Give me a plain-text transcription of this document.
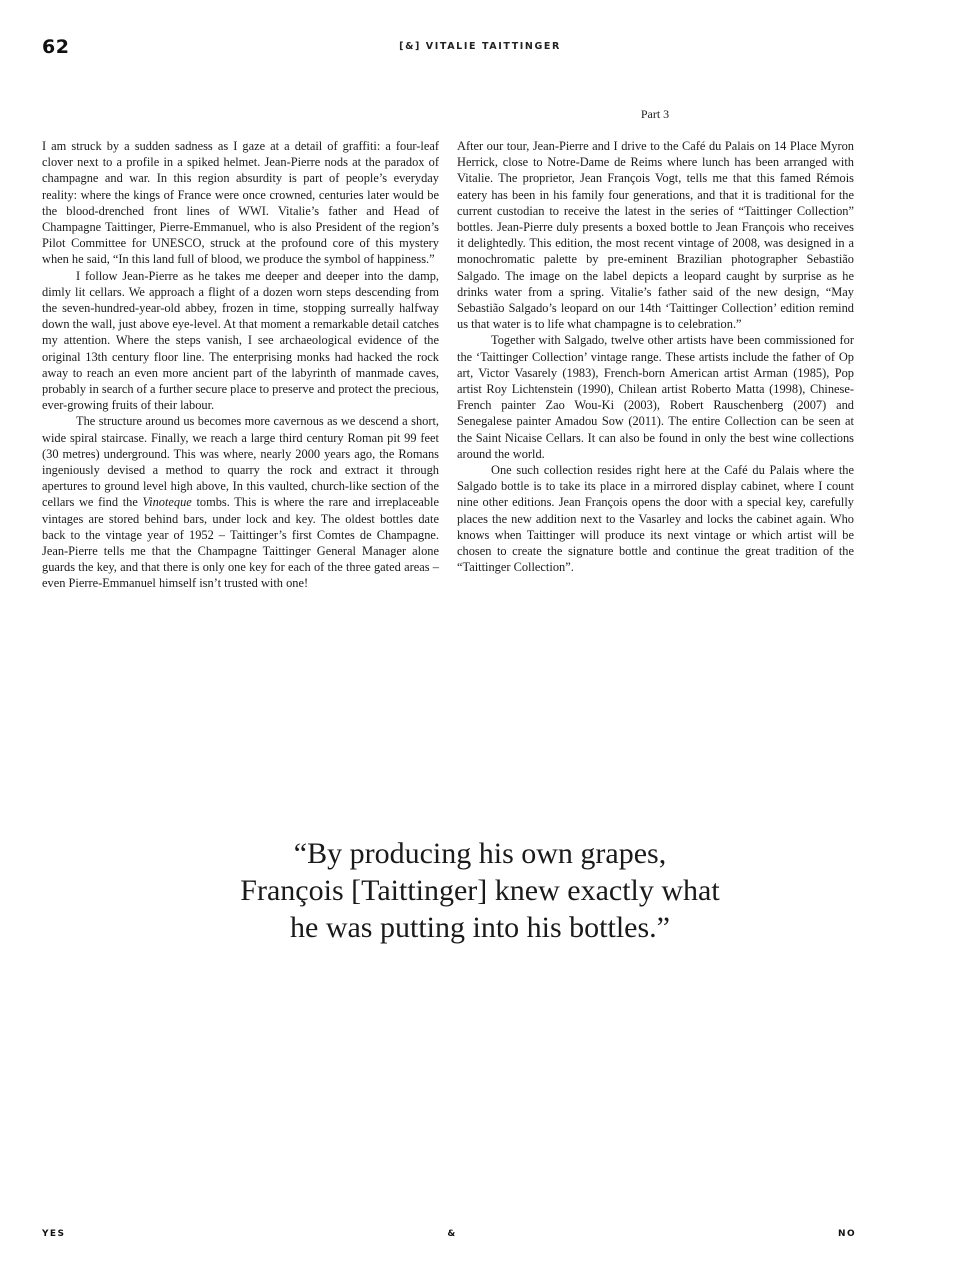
62	[&] VITALIE TAITTINGER
Part 3

I am struck by a sudden sadness as I gaze at a detail of graffiti: a four-leaf clover next to a profile in a spiked helmet. Jean-Pierre nods at the paradox of champagne and war. In this region absurdity is part of people’s everyday reality: where the kings of France were once crowned, centuries later would be the blood-drenched front lines of WWI. Vitalie’s father and Head of Champagne Taittinger, Pierre-Emmanuel, who is also President of the region’s Pilot Committee for UNESCO, struck at the profound core of this mystery when he said, “In this land full of blood, we produce the symbol of happiness.”

I follow Jean-Pierre as he takes me deeper and deeper into the damp, dimly lit cellars. We approach a flight of a dozen worn steps descending from the seven-hundred-year-old abbey, frozen in time, stopping surreally halfway down the wall, just above eye-level. At that moment a remarkable detail catches my attention. Where the steps vanish, I see archaeological evidence of the original 13th century floor line. The enterprising monks had hacked the rock away to reach an even more ancient part of the labyrinth of manmade caves, probably in search of a further secure place to preserve and protect the precious, ever-growing fruits of their labour.

The structure around us becomes more cavernous as we descend a short, wide spiral staircase. Finally, we reach a large third century Roman pit 99 feet (30 metres) underground. This was where, nearly 2000 years ago, the Romans ingeniously devised a method to quarry the rock and extract it through apertures to ground level high above, In this vaulted, church-like section of the cellars we find the Vinoteque tombs. This is where the rare and irreplaceable vintages are stored behind bars, under lock and key. The oldest bottles date back to the vintage year of 1952 – Taittinger’s first Comtes de Champagne. Jean-Pierre tells me that the Champagne Taittinger General Manager alone guards the key, and that there is only one key for each of the three gated areas – even Pierre-Emmanuel himself isn’t trusted with one!

After our tour, Jean-Pierre and I drive to the Café du Palais on 14 Place Myron Herrick, close to Notre-Dame de Reims where lunch has been arranged with Vitalie. The proprietor, Jean François Vogt, tells me that this famed Rémois eatery has been in his family four generations, and that it is traditional for the current custodian to receive the latest in the series of “Taittinger Collection” bottles. Jean-Pierre duly presents a boxed bottle to Jean François who receives it delightedly. This edition, the most recent vintage of 2008, was designed in a monochromatic palette by pre-eminent Brazilian photographer Sebastião Salgado. The image on the label depicts a leopard caught by surprise as he drinks water from a spring. Vitalie’s father said of the new design, “May Sebastião Salgado’s leopard on our 14th ‘Taittinger Collection’ edition remind us that water is to life what champagne is to celebration.”

Together with Salgado, twelve other artists have been commissioned for the ‘Taittinger Collection’ vintage range. These artists include the father of Op art, Victor Vasarely (1983), French-born American artist Arman (1985), Pop artist Roy Lichtenstein (1990), Chilean artist Roberto Matta (1998), Chinese-French painter Zao Wou-Ki (2003), Robert Rauschenberg (2007) and Senegalese painter Amadou Sow (2011). The entire Collection can be seen at the Saint Nicaise Cellars. It can also be found in only the best wine collections around the world.

One such collection resides right here at the Café du Palais where the Salgado bottle is to take its place in a mirrored display cabinet, where I count nine other editions. Jean François opens the door with a special key, carefully places the new addition next to the Vasarley and locks the cabinet again. Who knows when Taittinger will produce its next vintage or which artist will be chosen to create the signature bottle and continue the great tradition of the “Taittinger Collection”.

“By producing his own grapes,
François [Taittinger] knew exactly what
he was putting into his bottles.”
YES	&	NO
